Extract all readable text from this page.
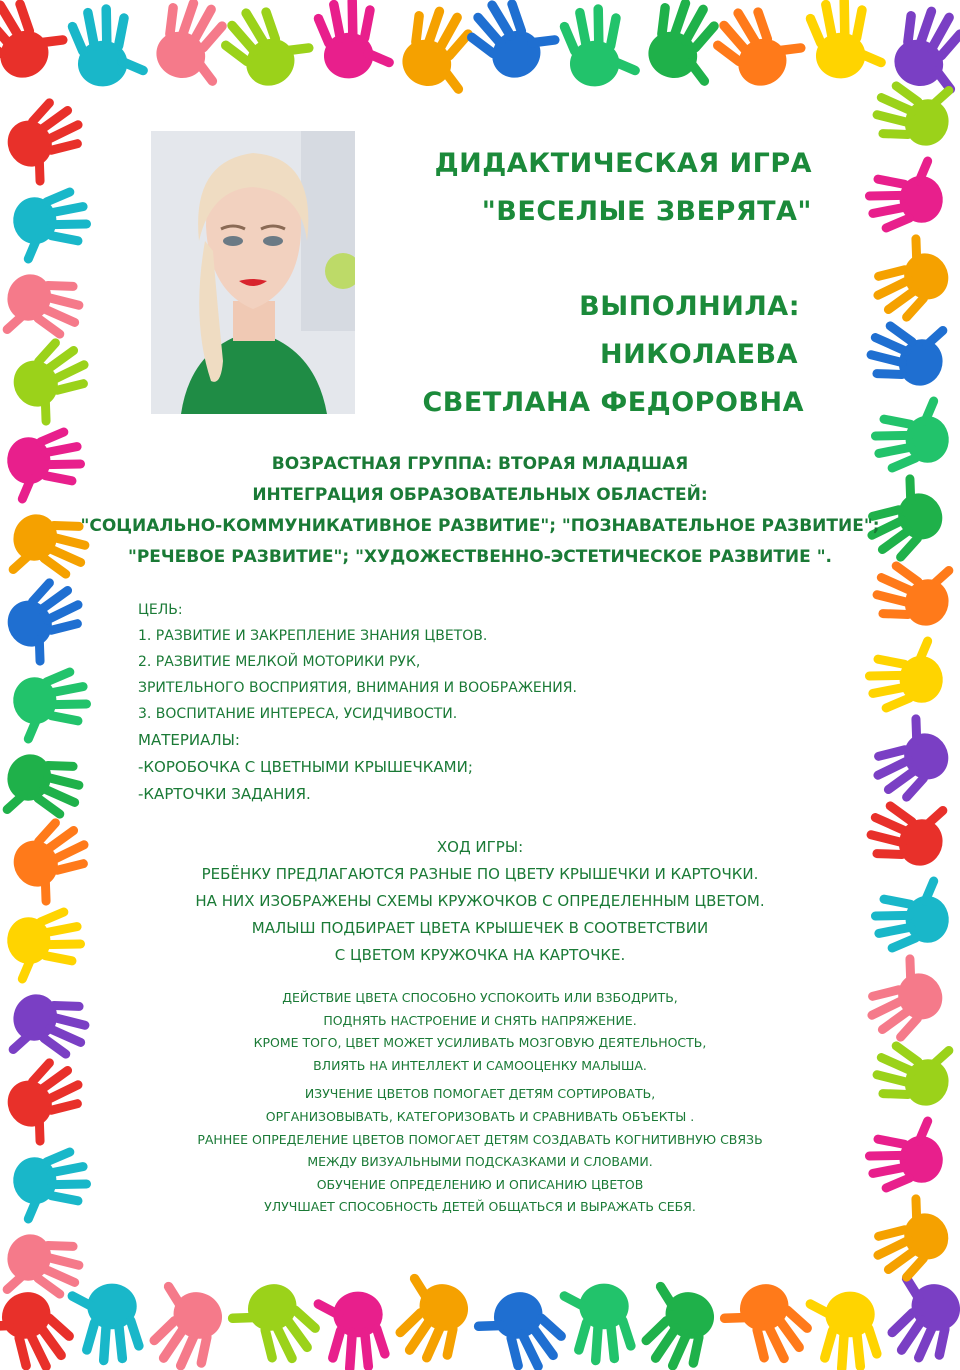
ДИДАКТИЧЕСКАЯ ИГРА
"ВЕСЕЛЫЕ ЗВЕРЯТА"
ВЫПОЛНИЛА:
НИКОЛАЕВА
СВЕТЛАНА ФЕДОРОВНА
ВОЗРАСТНАЯ ГРУППА: ВТОРАЯ МЛАДШАЯ
ИНТЕГРАЦИЯ ОБРАЗОВАТЕЛЬНЫХ ОБЛАСТЕЙ:
"СОЦИАЛЬНО-КОММУНИКАТИВНОЕ РАЗВИТИЕ"; "ПОЗНАВАТЕЛЬНОЕ РАЗВИТИЕ";
"РЕЧЕВОЕ РАЗВИТИЕ"; "ХУДОЖЕСТВЕННО-ЭСТЕТИЧЕСКОЕ РАЗВИТИЕ ".
ЦЕЛЬ:
1. РАЗВИТИЕ И ЗАКРЕПЛЕНИЕ ЗНАНИЯ ЦВЕТОВ.
2. РАЗВИТИЕ МЕЛКОЙ МОТОРИКИ РУК,
ЗРИТЕЛЬНОГО ВОСПРИЯТИЯ, ВНИМАНИЯ И ВООБРАЖЕНИЯ.
3. ВОСПИТАНИЕ ИНТЕРЕСА, УСИДЧИВОСТИ.
МАТЕРИАЛЫ:
-КОРОБОЧКА С ЦВЕТНЫМИ КРЫШЕЧКАМИ;
-КАРТОЧКИ ЗАДАНИЯ.
ХОД ИГРЫ:
РЕБЁНКУ ПРЕДЛАГАЮТСЯ РАЗНЫЕ ПО ЦВЕТУ КРЫШЕЧКИ И КАРТОЧКИ.
НА НИХ ИЗОБРАЖЕНЫ СХЕМЫ КРУЖОЧКОВ С ОПРЕДЕЛЕННЫМ ЦВЕТОМ.
МАЛЫШ ПОДБИРАЕТ ЦВЕТА КРЫШЕЧЕК В СООТВЕТСТВИИ
С ЦВЕТОМ КРУЖОЧКА НА КАРТОЧКЕ.
ДЕЙСТВИЕ ЦВЕТА СПОСОБНО УСПОКОИТЬ ИЛИ ВЗБОДРИТЬ,
ПОДНЯТЬ НАСТРОЕНИЕ И СНЯТЬ НАПРЯЖЕНИЕ.
КРОМЕ ТОГО, ЦВЕТ МОЖЕТ УСИЛИВАТЬ МОЗГОВУЮ ДЕЯТЕЛЬНОСТЬ,
ВЛИЯТЬ НА ИНТЕЛЛЕКТ И САМООЦЕНКУ МАЛЫША.
ИЗУЧЕНИЕ ЦВЕТОВ ПОМОГАЕТ ДЕТЯМ СОРТИРОВАТЬ,
ОРГАНИЗОВЫВАТЬ, КАТЕГОРИЗОВАТЬ И СРАВНИВАТЬ ОБЪЕКТЫ .
РАННЕЕ ОПРЕДЕЛЕНИЕ ЦВЕТОВ ПОМОГАЕТ ДЕТЯМ СОЗДАВАТЬ КОГНИТИВНУЮ СВЯЗЬ
МЕЖДУ ВИЗУАЛЬНЫМИ ПОДСКАЗКАМИ И СЛОВАМИ.
ОБУЧЕНИЕ ОПРЕДЕЛЕНИЮ И ОПИСАНИЮ ЦВЕТОВ
УЛУЧШАЕТ СПОСОБНОСТЬ ДЕТЕЙ ОБЩАТЬСЯ И ВЫРАЖАТЬ СЕБЯ.
